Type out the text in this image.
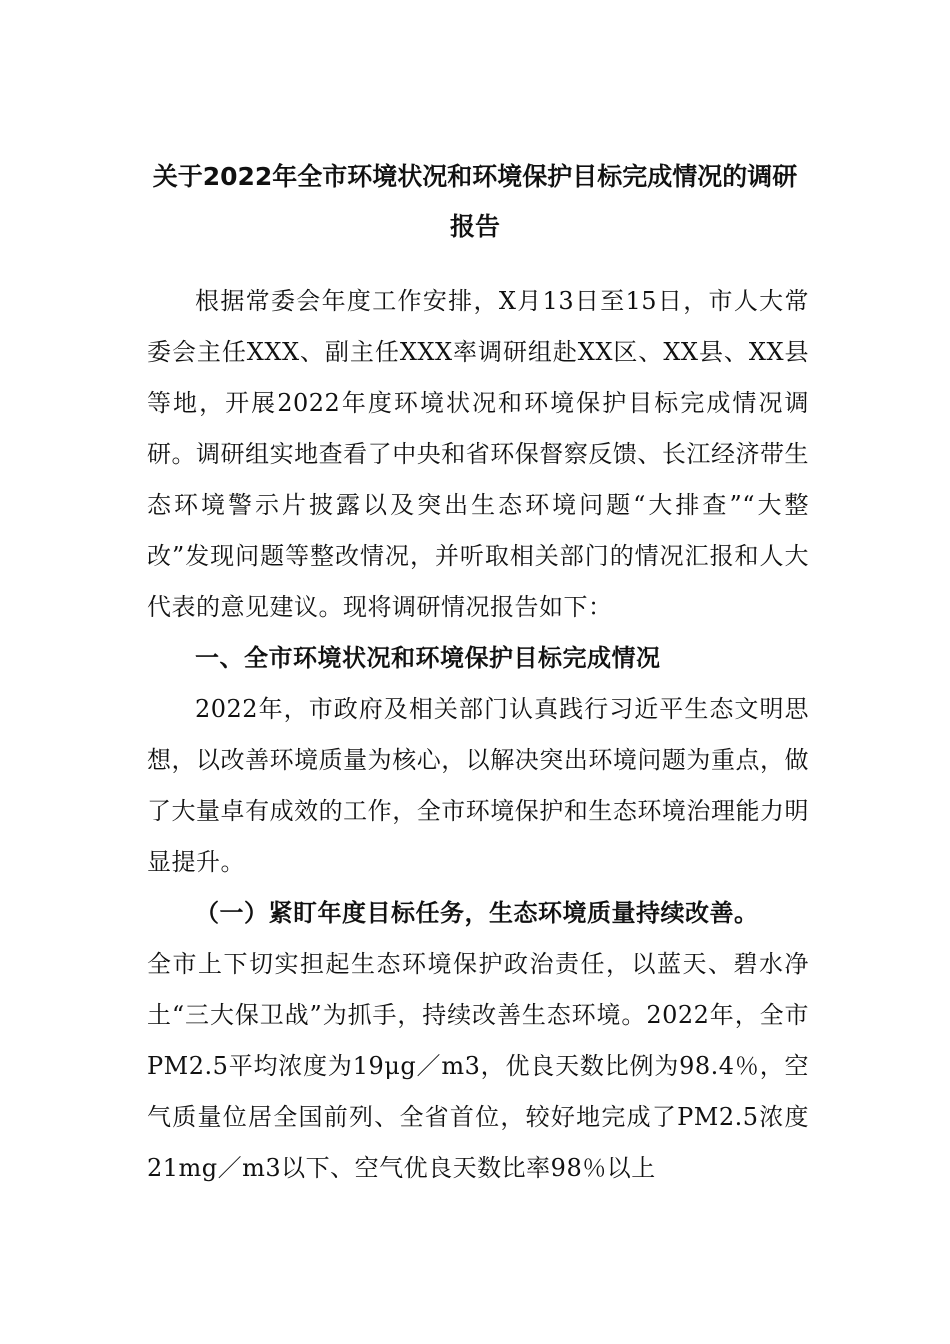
关于2022年全市环境状况和环境保护目标完成情况的调研
报告

根据常委会年度工作安排，X月13日至15日，市人大常委会主任XXX、副主任XXX率调研组赴XX区、XX县、XX县等地，开展2022年度环境状况和环境保护目标完成情况调研。调研组实地查看了中央和省环保督察反馈、长江经济带生态环境警示片披露以及突出生态环境问题“大排查”“大整改”发现问题等整改情况，并听取相关部门的情况汇报和人大代表的意见建议。现将调研情况报告如下：

一、全市环境状况和环境保护目标完成情况

2022年，市政府及相关部门认真践行习近平生态文明思想，以改善环境质量为核心，以解决突出环境问题为重点，做了大量卓有成效的工作，全市环境保护和生态环境治理能力明显提升。

（一）紧盯年度目标任务，生态环境质量持续改善。

全市上下切实担起生态环境保护政治责任，以蓝天、碧水净土“三大保卫战”为抓手，持续改善生态环境。2022年，全市PM2.5平均浓度为19μg／m3，优良天数比例为98.4％，空气质量位居全国前列、全省首位，较好地完成了PM2.5浓度21mg／m3以下、空气优良天数比率98％以上
